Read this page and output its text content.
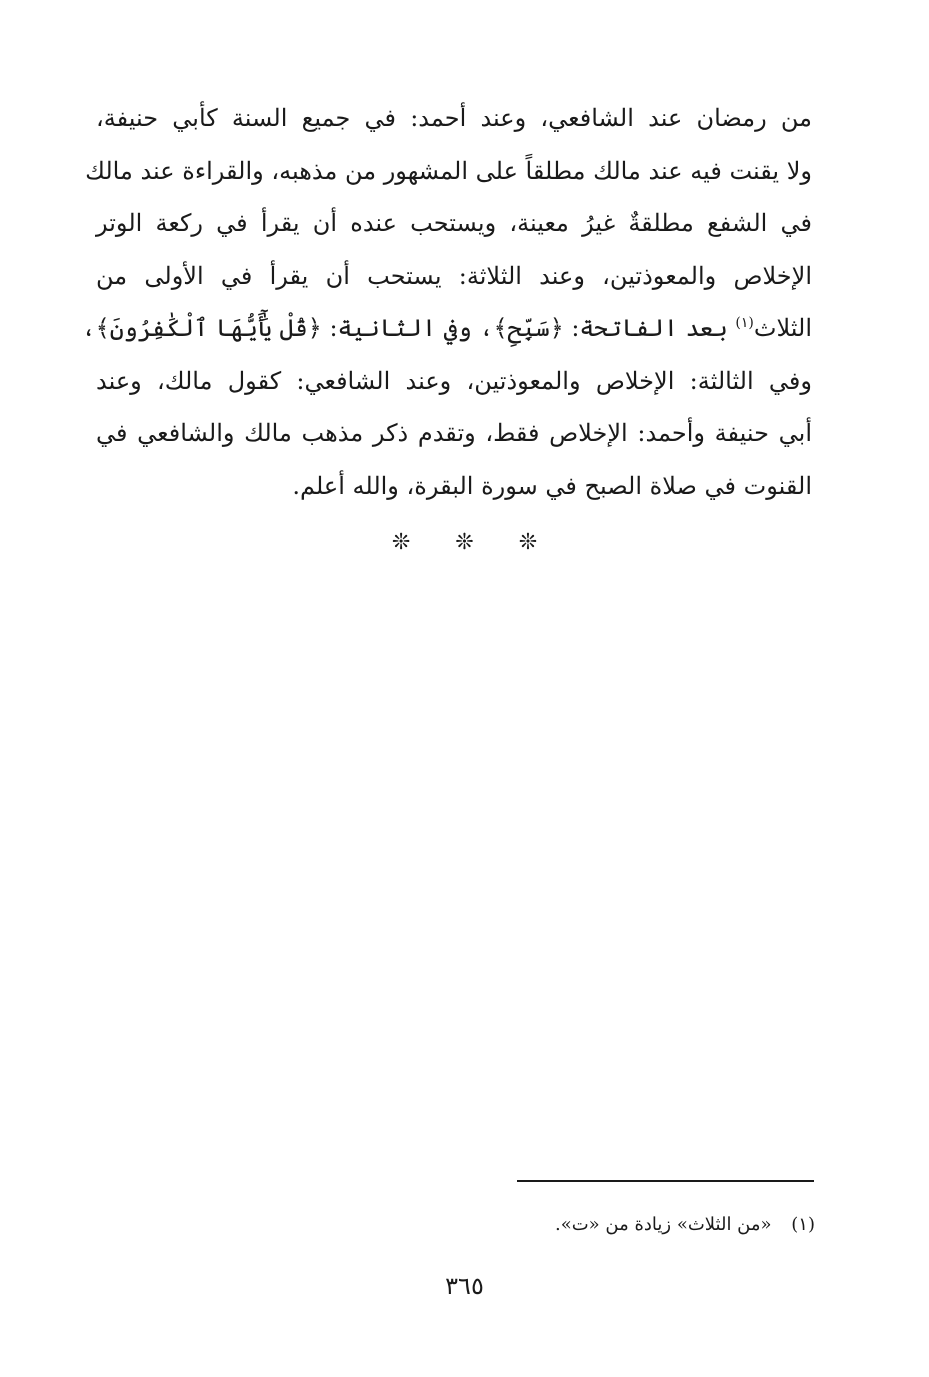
من رمضان عند الشافعي، وعند أحمد: في جميع السنة كأبي حنيفة،
ولا يقنت فيه عند مالك مطلقاً على المشهور من مذهبه، والقراءة عند مالك
في الشفع مطلقةٌ غيرُ معينة، ويستحب عنده أن يقرأ في ركعة الوتر
الإخلاص والمعوذتين، وعند الثلاثة: يستحب أن يقرأ في الأولى من
الثلاث$^{(١)}$ بعد الفاتحة: ﴿سَبِّحِ﴾، وفي الثانية: ﴿قُلْ يَٰٓأَيُّهَا ٱلْكَٰفِرُونَ﴾،
وفي الثالثة: الإخلاص والمعوذتين، وعند الشافعي: كقول مالك، وعند
أبي حنيفة وأحمد: الإخلاص فقط، وتقدم ذكر مذهب مالك والشافعي في
القنوت في صلاة الصبح في سورة البقرة، والله أعلم.
❊ ❊ ❊
(١) «من الثلاث» زيادة من «ت».
٣٦٥
